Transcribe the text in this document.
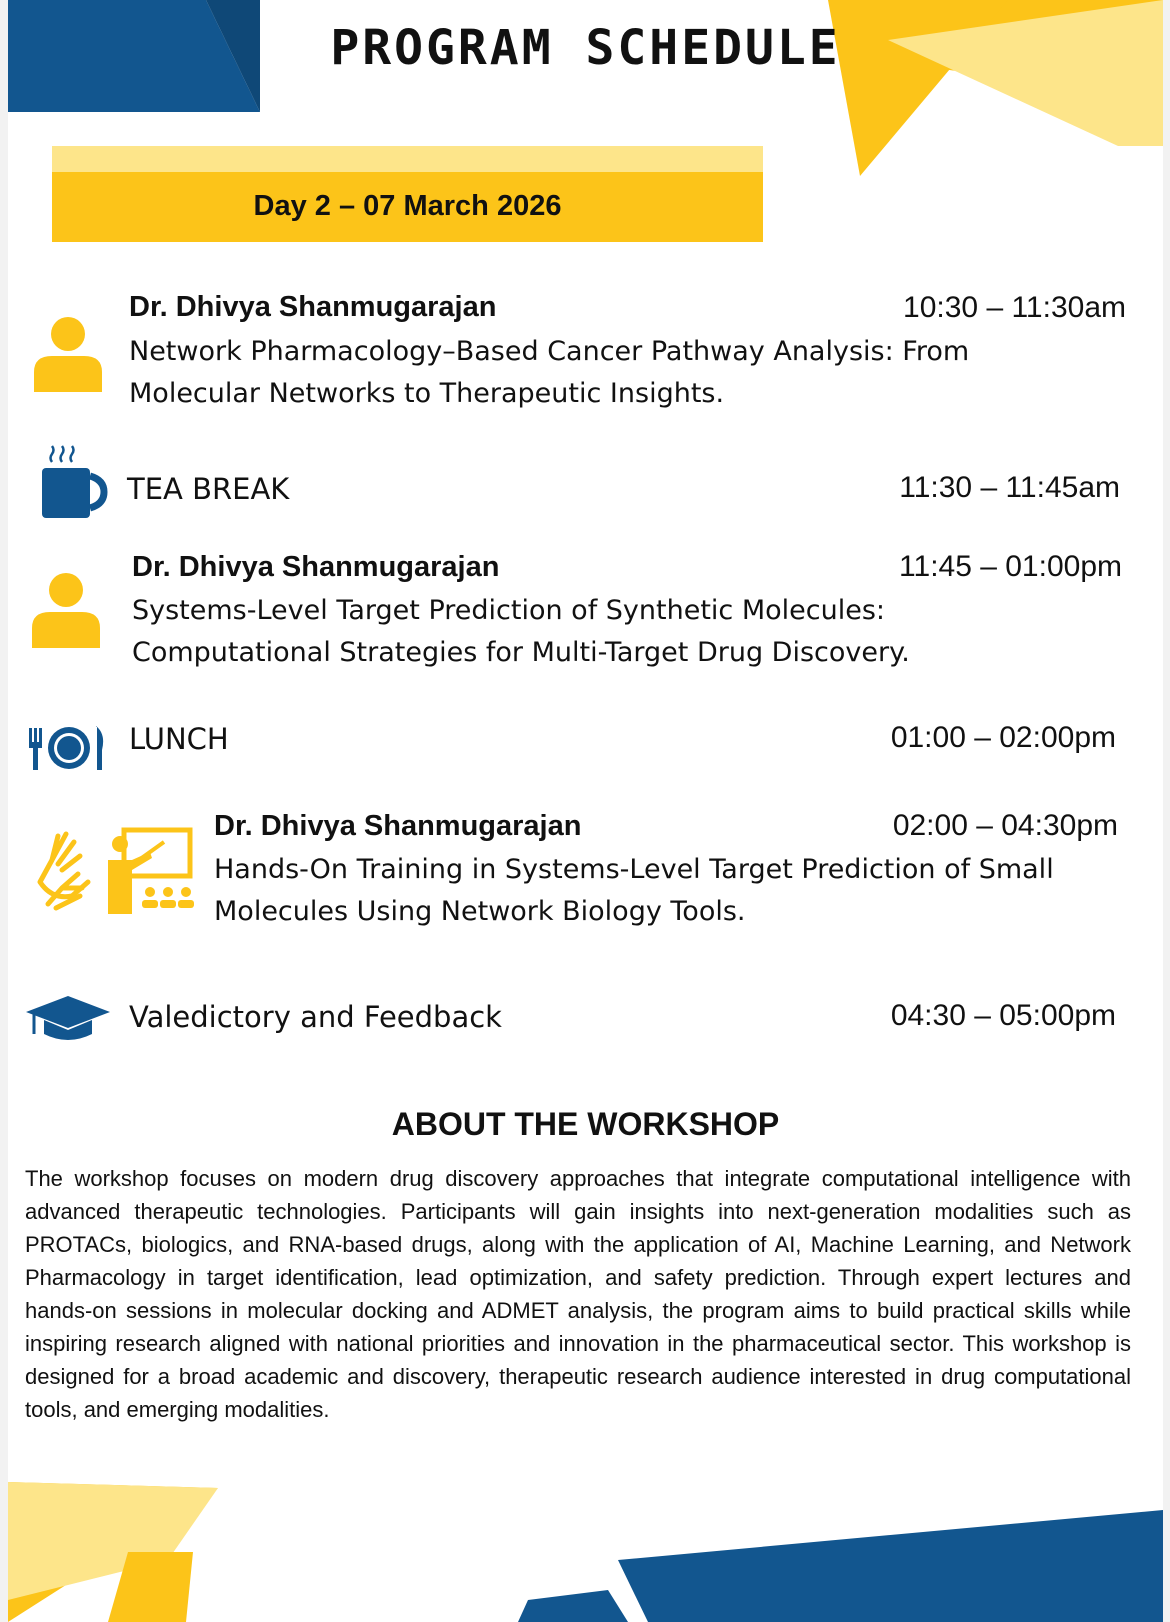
PROGRAM SCHEDULE
Day 2 – 07 March 2026
Dr. Dhivya Shanmugarajan	10:30 – 11:30am
Network Pharmacology–Based Cancer Pathway Analysis: From
Molecular Networks to Therapeutic Insights.
TEA BREAK	11:30 – 11:45am
Dr. Dhivya Shanmugarajan	11:45 – 01:00pm
Systems-Level Target Prediction of Synthetic Molecules:
Computational Strategies for Multi-Target Drug Discovery.
LUNCH	01:00 – 02:00pm
Dr. Dhivya Shanmugarajan	02:00 – 04:30pm
Hands-On Training in Systems-Level Target Prediction of Small
Molecules Using Network Biology Tools.
Valedictory and Feedback	04:30 – 05:00pm
ABOUT THE WORKSHOP
The workshop focuses on modern drug discovery approaches that integrate computational intelligence with advanced therapeutic technologies. Participants will gain insights into next-generation modalities such as PROTACs, biologics, and RNA-based drugs, along with the application of AI, Machine Learning, and Network Pharmacology in target identification, lead optimization, and safety prediction. Through expert lectures and hands-on sessions in molecular docking and ADMET analysis, the program aims to build practical skills while inspiring research aligned with national priorities and innovation in the pharmaceutical sector. This workshop is designed for a broad academic and discovery, therapeutic research audience interested in drug computational tools, and emerging modalities.
